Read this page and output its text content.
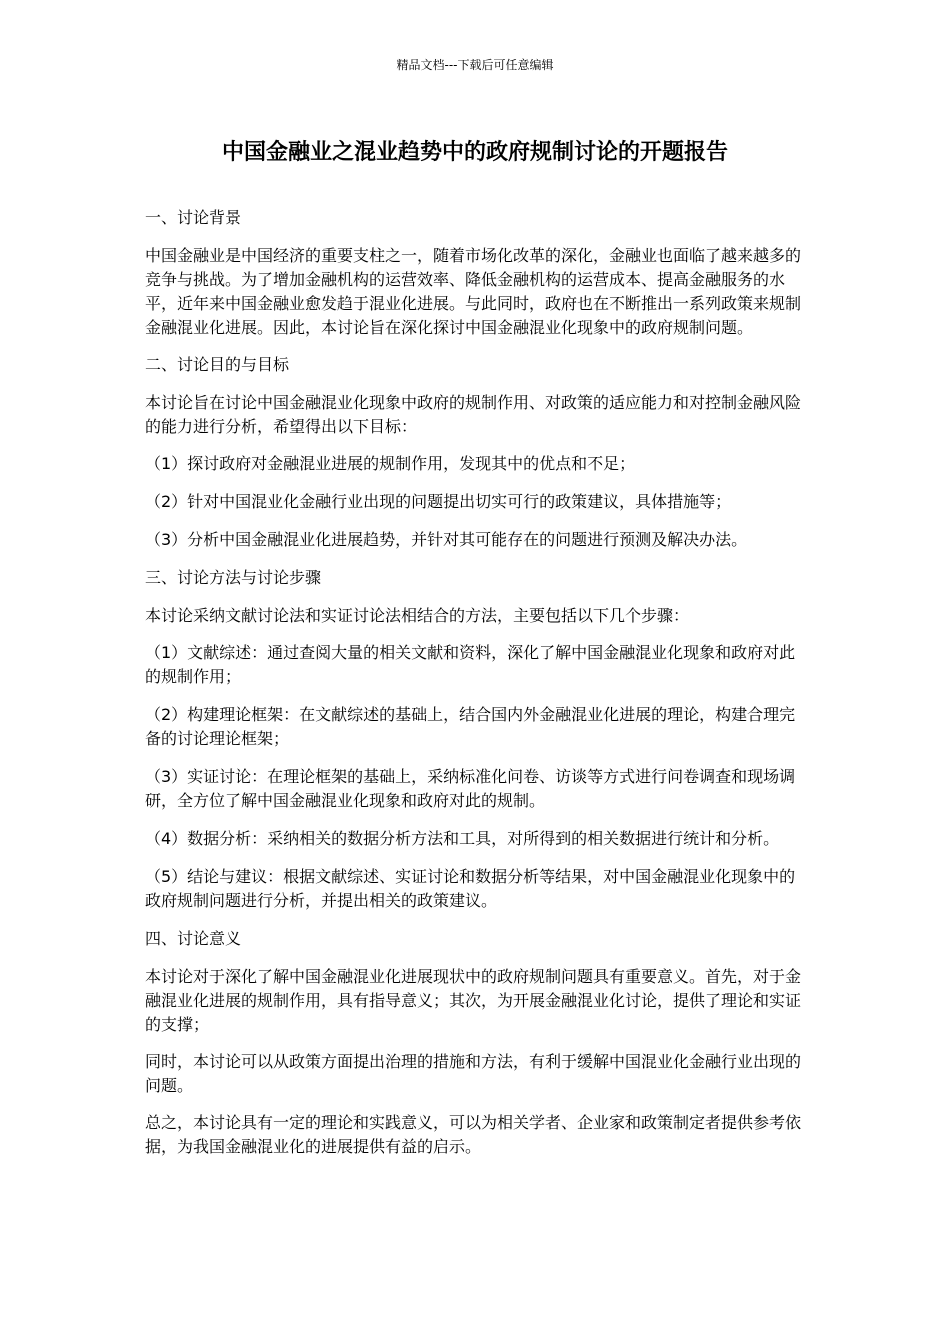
精品文档---下载后可任意编辑
中国金融业之混业趋势中的政府规制讨论的开题报告

一、讨论背景

中国金融业是中国经济的重要支柱之一，随着市场化改革的深化，金融业也面临了越来越多的竞争与挑战。为了增加金融机构的运营效率、降低金融机构的运营成本、提高金融服务的水平，近年来中国金融业愈发趋于混业化进展。与此同时，政府也在不断推出一系列政策来规制金融混业化进展。因此，本讨论旨在深化探讨中国金融混业化现象中的政府规制问题。

二、讨论目的与目标

本讨论旨在讨论中国金融混业化现象中政府的规制作用、对政策的适应能力和对控制金融风险的能力进行分析，希望得出以下目标：

（1）探讨政府对金融混业进展的规制作用，发现其中的优点和不足；

（2）针对中国混业化金融行业出现的问题提出切实可行的政策建议，具体措施等；

（3）分析中国金融混业化进展趋势，并针对其可能存在的问题进行预测及解决办法。

三、讨论方法与讨论步骤

本讨论采纳文献讨论法和实证讨论法相结合的方法，主要包括以下几个步骤：

（1）文献综述：通过查阅大量的相关文献和资料，深化了解中国金融混业化现象和政府对此的规制作用；

（2）构建理论框架：在文献综述的基础上，结合国内外金融混业化进展的理论，构建合理完备的讨论理论框架；

（3）实证讨论：在理论框架的基础上，采纳标准化问卷、访谈等方式进行问卷调查和现场调研，全方位了解中国金融混业化现象和政府对此的规制。

（4）数据分析：采纳相关的数据分析方法和工具，对所得到的相关数据进行统计和分析。

（5）结论与建议：根据文献综述、实证讨论和数据分析等结果，对中国金融混业化现象中的政府规制问题进行分析，并提出相关的政策建议。

四、讨论意义

本讨论对于深化了解中国金融混业化进展现状中的政府规制问题具有重要意义。首先，对于金融混业化进展的规制作用，具有指导意义；其次，为开展金融混业化讨论，提供了理论和实证的支撑；

同时，本讨论可以从政策方面提出治理的措施和方法，有利于缓解中国混业化金融行业出现的问题。

总之，本讨论具有一定的理论和实践意义，可以为相关学者、企业家和政策制定者提供参考依据，为我国金融混业化的进展提供有益的启示。
